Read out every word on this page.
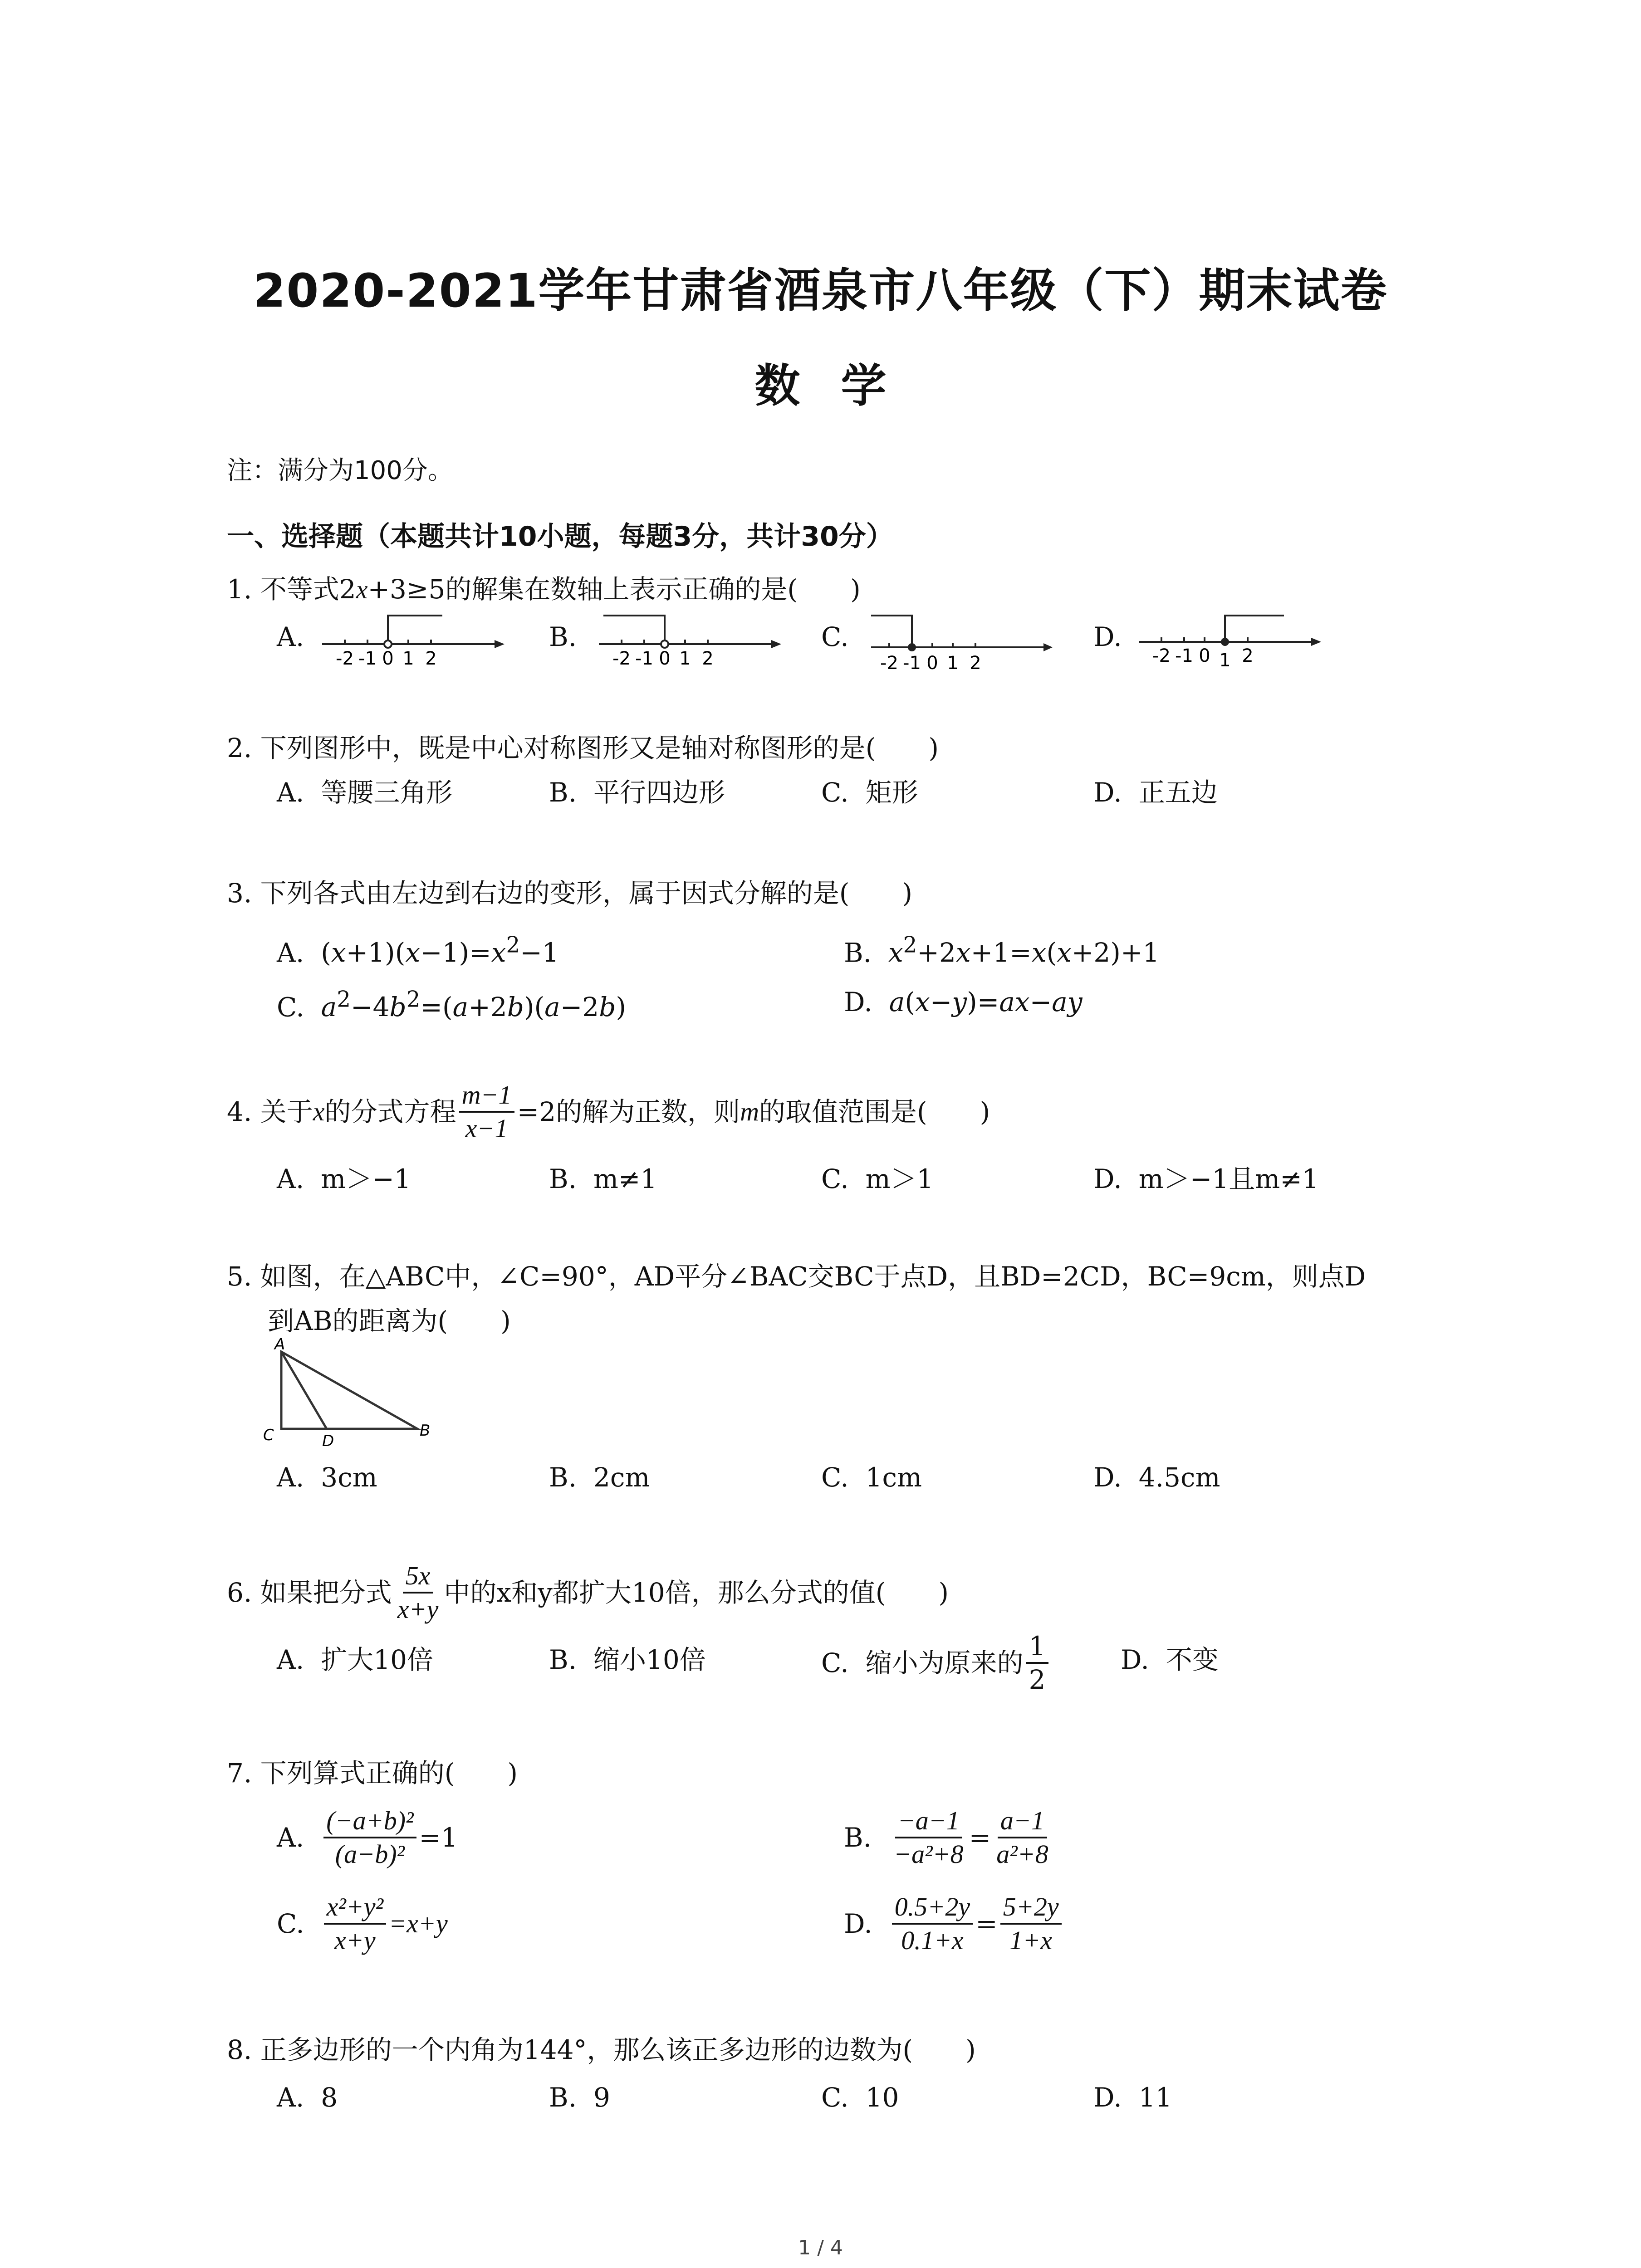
2020-2021学年甘肃省酒泉市八年级（下）期末试卷
数学
注：满分为100分。
一、选择题（本题共计10小题，每题3分，共计30分）
1. 不等式2x+3≥5的解集在数轴上表示正确的是(　　)
A.
-2 -1 0 1 2
B.
-2 -1 0 1 2
C.
-2 -1 0 1 2
D.
-2 -1 0 1 2
2. 下列图形中，既是中心对称图形又是轴对称图形的是(　　)
A. 等腰三角形	B. 平行四边形	C. 矩形	D. 正五边
3. 下列各式由左边到右边的变形，属于因式分解的是(　　)
A. $(x+1)(x-1)=x^2-1$	B. $x^2+2x+1=x(x+2)+1$
C. $a^2-4b^2=(a+2b)(a-2b)$	D. a(x−y)=ax−ay
4.
关于 x 的分式方程 $\frac{m-1}{x-1} =2$的解为正数，则 m 的取值范围是(　　)
A. m＞−1	B. m≠1	C. m＞1	D. m＞−1且m≠1
5. 如图，在△ABC中，∠C=90°，AD平分∠BAC交BC于点D，且BD=2CD，BC=9cm，则点D
到AB的距离为(　　)
A
C	D
B
A. 3cm	B. 2cm	C. 1cm	D. 4.5cm
6.
如果把分式 $\frac{5x}{x+y}$ 中的x和y都扩大10倍，那么分式的值(　　)
A. 扩大10倍	B. 缩小10倍	C.
缩小为原来的 $\frac{1}{2}$	D. 不变
7. 下列算式正确的(　　)
A.
$\frac{\text{(−a+b)²}}{\text{(a−b)²}} =1$	B.
$\frac{-a-1}{\text{−a²+8}} = \frac{a-1}{\text{a²+8}}$
C.
$\frac{\text{x²+y²}}{x+y} =x+y$	D.
$\frac{0.5+2y}{0.1+x} = \frac{5+2y}{1+x}$
8. 正多边形的一个内角为144°，那么该正多边形的边数为(　　)
A. 8	B. 9	C. 10	D. 11
1 / 4
